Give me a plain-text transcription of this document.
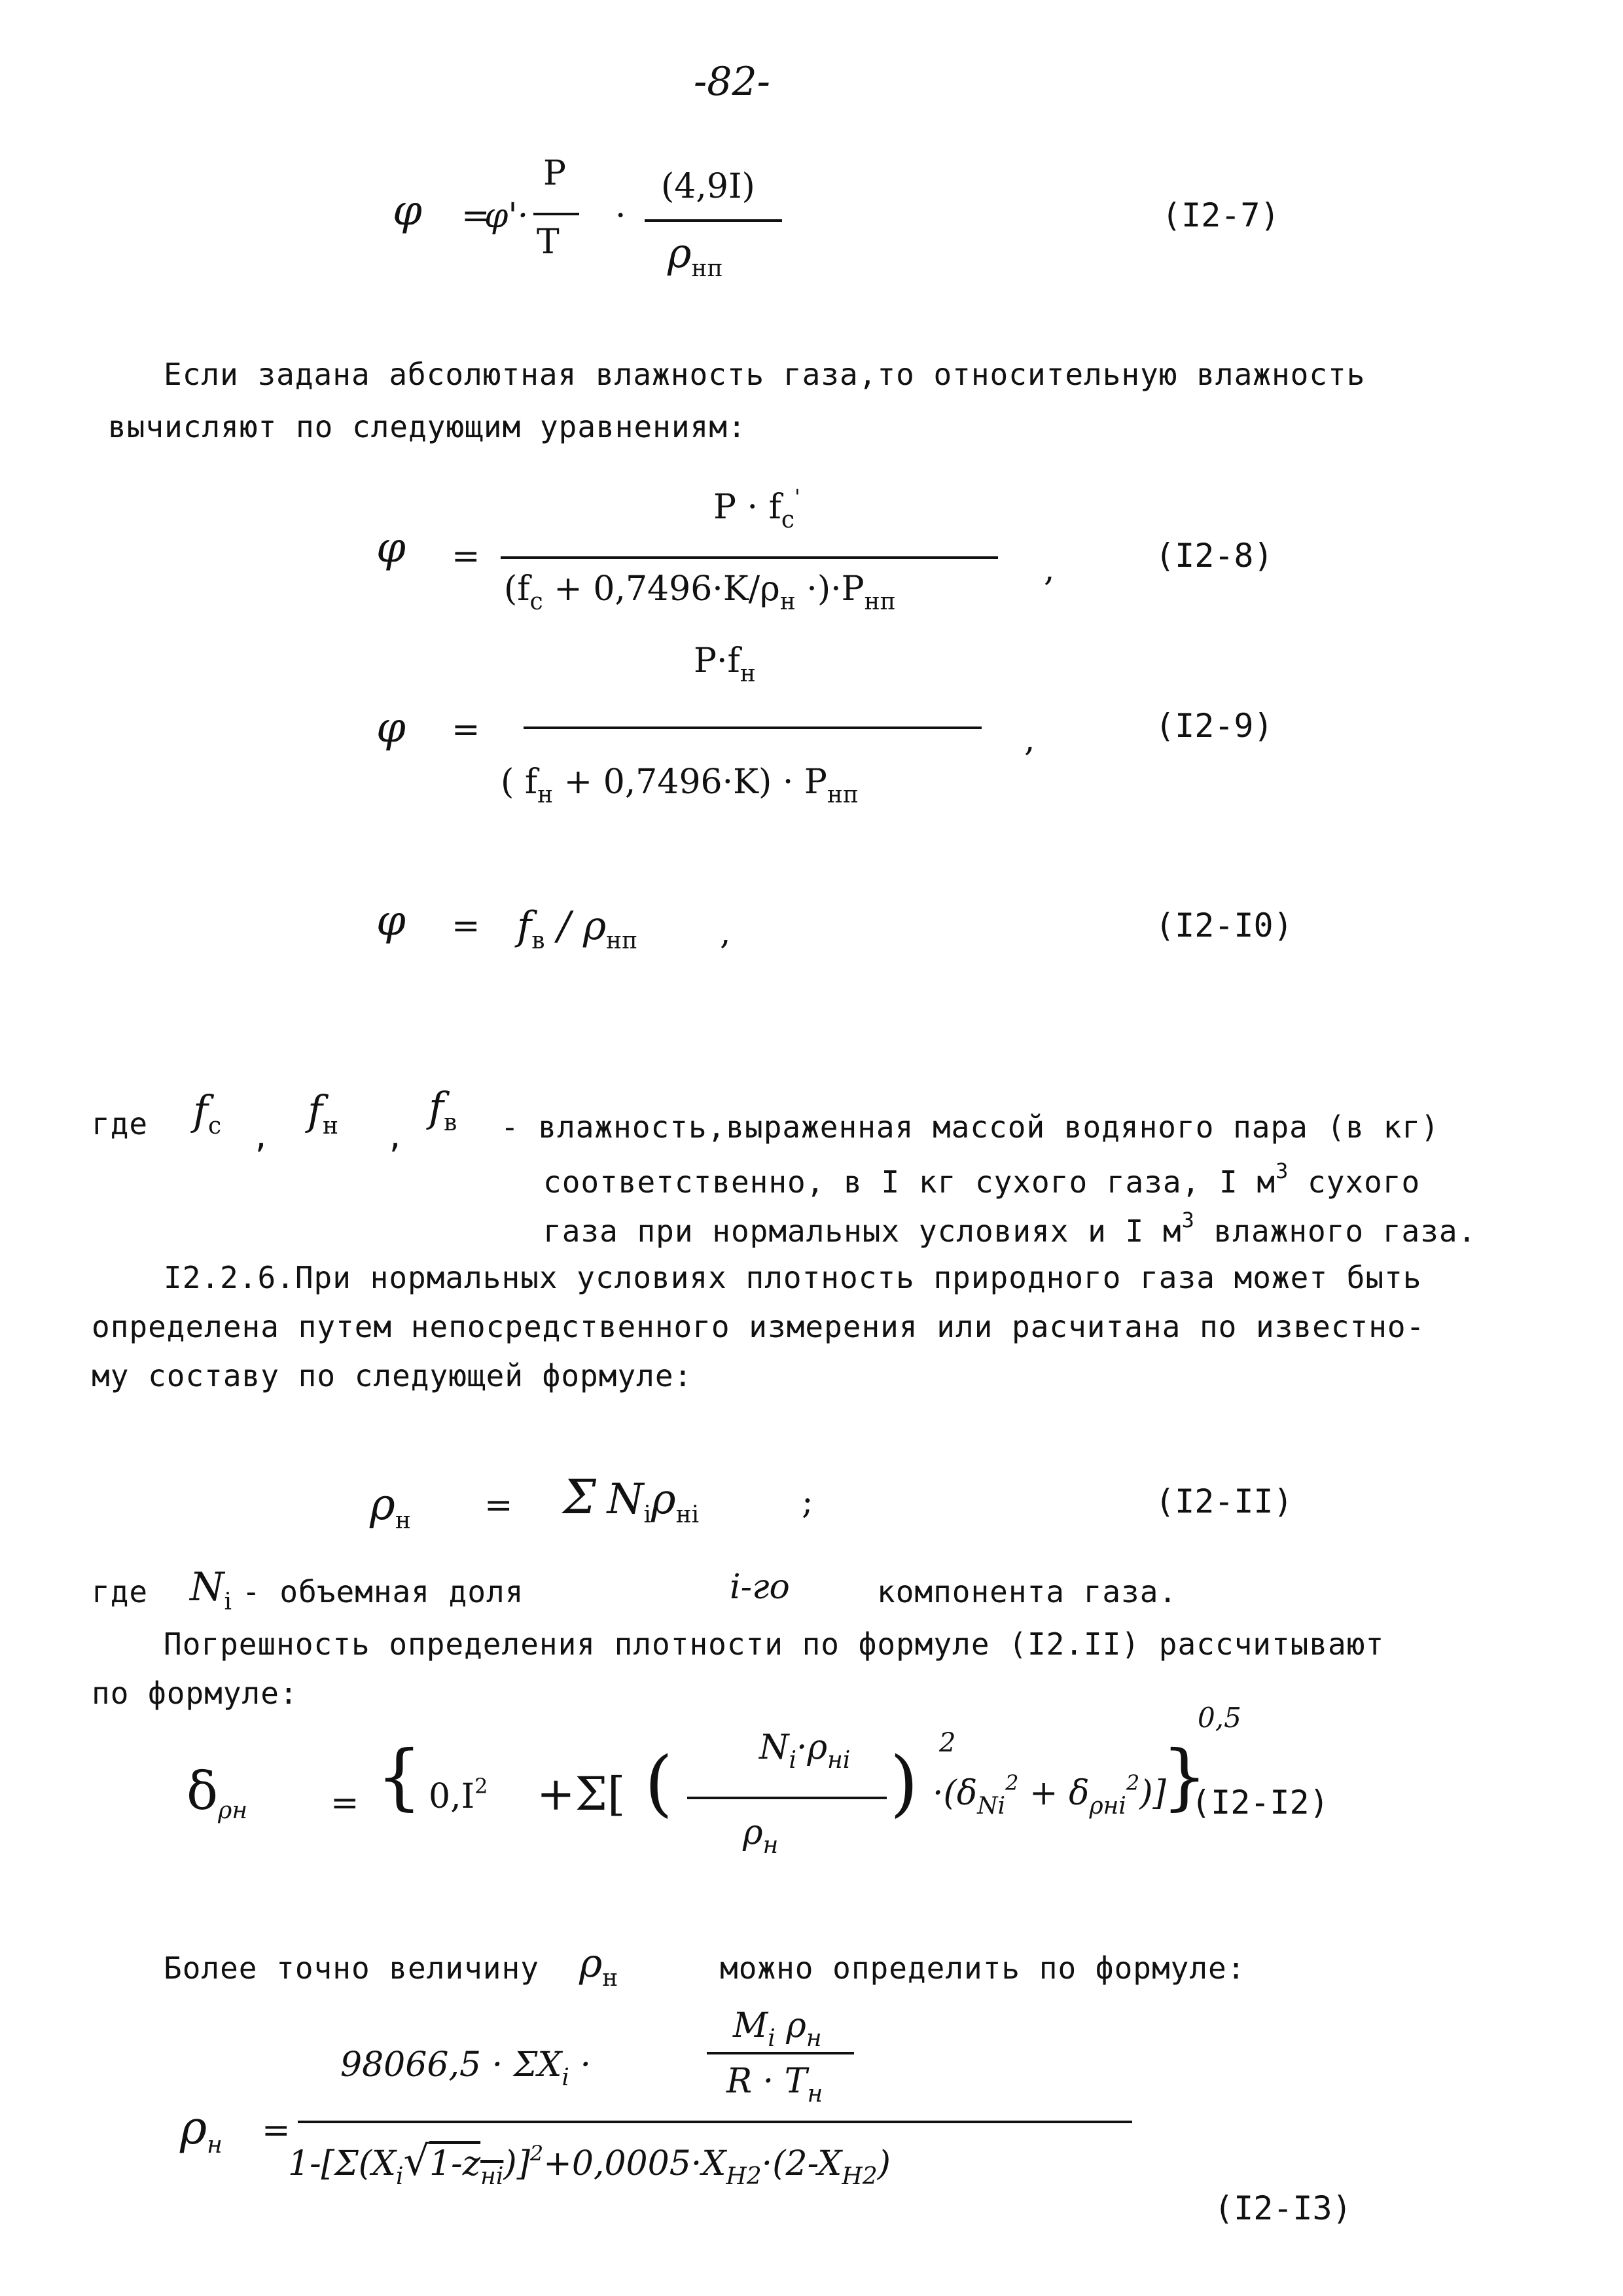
-82-
φ =
φ'·
P
T
·
(4,9I)
$\rho_{нп}$
(I2-7)
Если задана абсолютная влажность газа,то относительную влажность
вычисляют по следующим уравнениям:
φ =
$P \cdot f_c'$
$(f_c + 0,7496\cdot K/\rho_н \cdot)\cdot P_{нп}$
,	(I2-8)
φ =
$P\cdot f_н$
( $f_н + 0,7496\cdot K) \cdot P_{нп}$
,	(I2-9)
$\varphi = f_в / \rho_{нп}$ ,	(I2-I0)
где $f_c$ ,
$f_н$ ,
$f_в$ - влажность,выраженная массой водяного пара (в кг)
соответственно, в I кг сухого газа, I $м^3$ сухого
газа при нормальных условиях и I $м^3$ влажного газа.
I2.2.6.При нормальных условиях плотность природного газа может быть
определена путем непосредственного измерения или расчитана по известно-
му составу по следующей формуле:
$\rho_н = \Sigma$ $N_i\rho_{нi}$	;	(I2-II)
где $N_i$ - объемная доля	i-го	компонента газа.
Погрешность определения плотности по формуле (I2.II) рассчитывают
по формуле:
$\delta_{\rho н}$ = { $0,I^2 +\Sigma$[ (	$N_i\cdot\rho_{нi}$
$\rho_н$
) 2
$\cdot(\delta_{Ni}^2 + \delta_{\rho нi}^2)$]
}
0,5
(I2-I2)
Более точно величину $\rho_н$	можно определить по формуле:
$\rho_н$ =
$98066,5 \cdot \Sigma X_i$ ·
$M_i$ $\rho_н$
$R \cdot T_н$
$1-[\Sigma(X_i√1-z_{нi})]^2+0,0005\cdot X_{H2}\cdot(2-X_{H2})$
(I2-I3)
